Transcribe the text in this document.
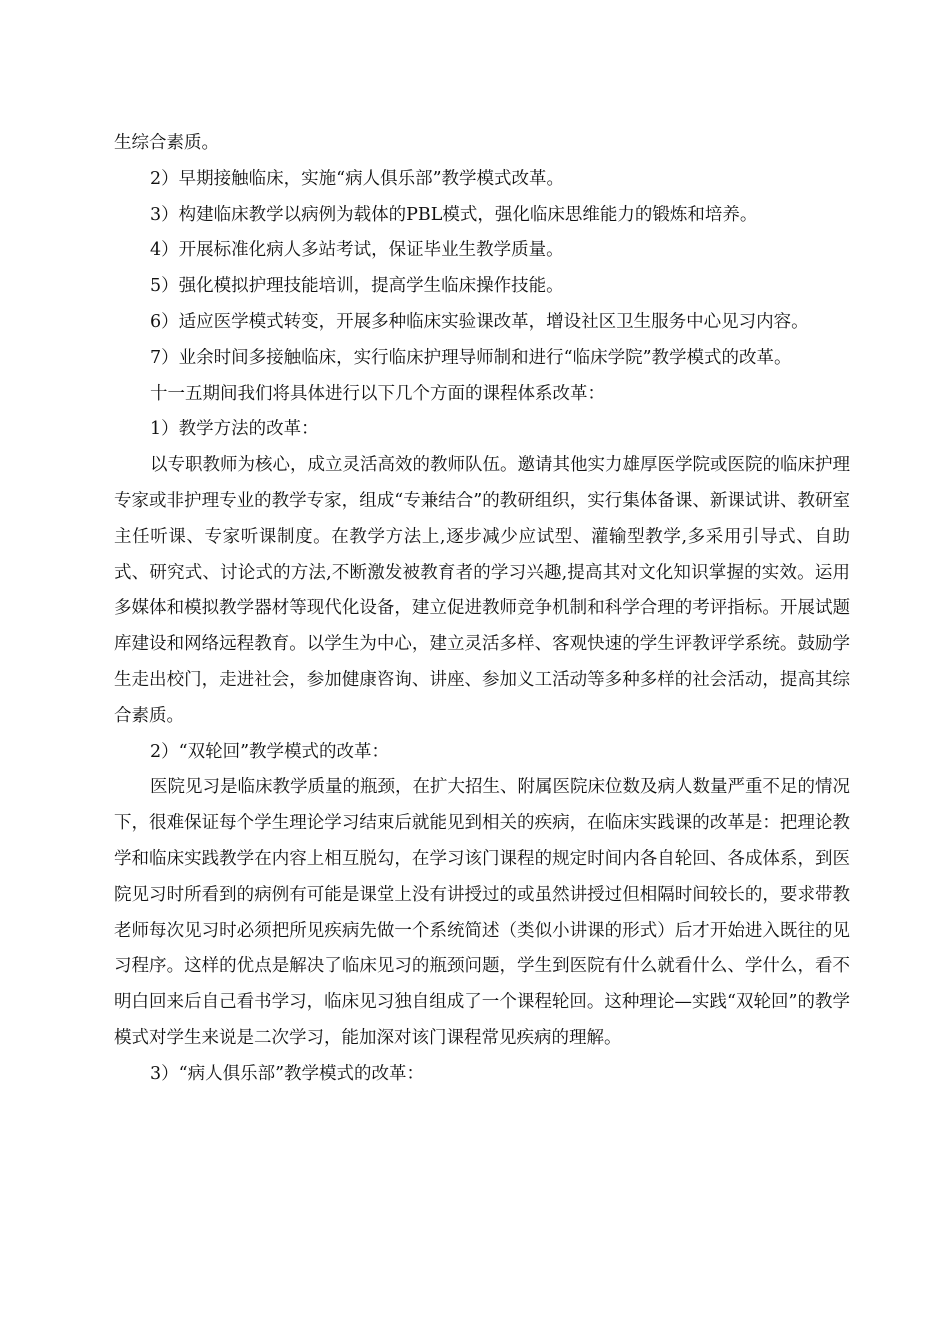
生综合素质。

2）早期接触临床，实施“病人俱乐部”教学模式改革。

3）构建临床教学以病例为载体的PBL模式，强化临床思维能力的锻炼和培养。

4）开展标准化病人多站考试，保证毕业生教学质量。

5）强化模拟护理技能培训，提高学生临床操作技能。

6）适应医学模式转变，开展多种临床实验课改革，增设社区卫生服务中心见习内容。

7）业余时间多接触临床，实行临床护理导师制和进行“临床学院”教学模式的改革。

十一五期间我们将具体进行以下几个方面的课程体系改革：

1）教学方法的改革：

以专职教师为核心，成立灵活高效的教师队伍。邀请其他实力雄厚医学院或医院的临床护理专家或非护理专业的教学专家，组成“专兼结合”的教研组织，实行集体备课、新课试讲、教研室主任听课、专家听课制度。在教学方法上,逐步减少应试型、灌输型教学,多采用引导式、自助式、研究式、讨论式的方法,不断激发被教育者的学习兴趣,提高其对文化知识掌握的实效。运用多媒体和模拟教学器材等现代化设备，建立促进教师竞争机制和科学合理的考评指标。开展试题库建设和网络远程教育。以学生为中心，建立灵活多样、客观快速的学生评教评学系统。鼓励学生走出校门，走进社会，参加健康咨询、讲座、参加义工活动等多种多样的社会活动，提高其综合素质。

2）“双轮回”教学模式的改革：

医院见习是临床教学质量的瓶颈，在扩大招生、附属医院床位数及病人数量严重不足的情况下，很难保证每个学生理论学习结束后就能见到相关的疾病，在临床实践课的改革是：把理论教学和临床实践教学在内容上相互脱勾，在学习该门课程的规定时间内各自轮回、各成体系，到医院见习时所看到的病例有可能是课堂上没有讲授过的或虽然讲授过但相隔时间较长的，要求带教老师每次见习时必须把所见疾病先做一个系统简述（类似小讲课的形式）后才开始进入既往的见习程序。这样的优点是解决了临床见习的瓶颈问题，学生到医院有什么就看什么、学什么，看不明白回来后自己看书学习，临床见习独自组成了一个课程轮回。这种理论—实践“双轮回”的教学模式对学生来说是二次学习，能加深对该门课程常见疾病的理解。

3）“病人俱乐部”教学模式的改革：
